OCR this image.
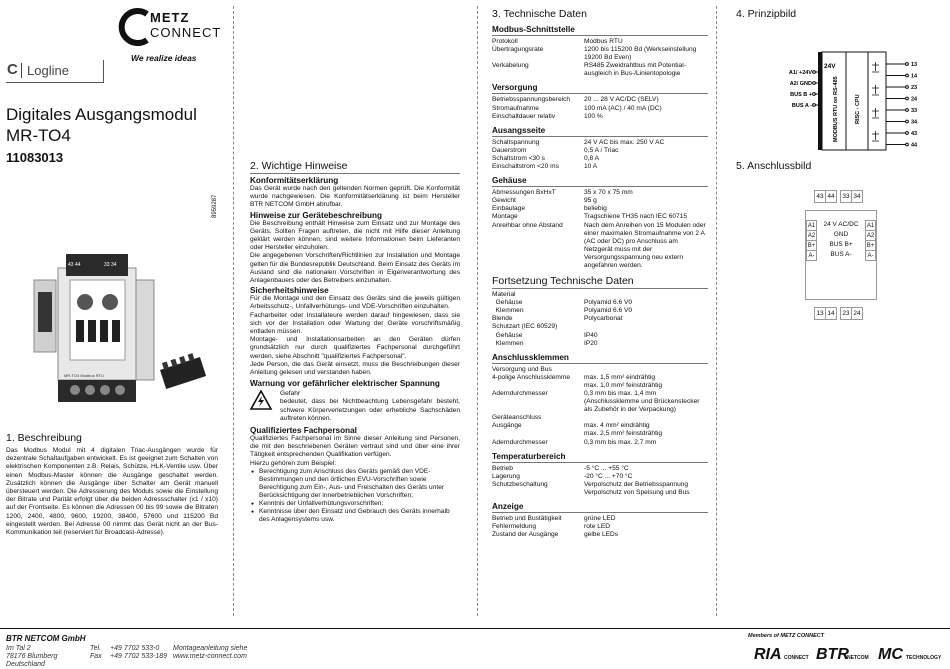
METZ
CONNECT
We realize ideas
C Logline
Digitales Ausgangsmodul
MR-TO4
11083013
8959287
43 44	33 34
MR-TO4 Modbus RTU
1. Beschreibung
Das Modbus Modul mit 4 digitalen Triac-Ausgängen wurde für dezentrale Schaltaufgaben entwickelt. Es ist geeignet zum Schalten von elektrischen Komponenten z.B. Relais, Schütze, HLK-Ventile usw. Über einen Modbus-Master können die Ausgänge geschaltet werden. Zusätzlich können die Ausgänge über Schalter am Gerät manuell übersteuert werden. Die Adressierung des Moduls sowie die Einstellung der Bitrate und Parität erfolgt über die beiden Adressschalter (x1 / x10) auf der Frontseite. Es können die Adressen 00 bis 99 sowie die Bitraten 1200, 2400, 4800, 9600, 19200, 38400, 57600 und 115200 Bd eingestellt werden. Bei Adresse 00 nimmt das Gerät nicht an der Bus-Kommunikation teil (reserviert für Broadcast-Adresse).
2. Wichtige Hinweise
Konformitätserklärung
Das Gerät wurde nach den geltenden Normen geprüft. Die Konformität wurde nachgewiesen. Die Konformitätserklärung ist beim Hersteller BTR NETCOM GmbH abrufbar.
Hinweise zur Gerätebeschreibung
Die Beschreibung enthält Hinweise zum Einsatz und zur Montage des Geräts. Sollten Fragen auftreten, die nicht mit Hilfe dieser Anleitung geklärt werden können, sind weitere Informationen beim Lieferanten oder Hersteller einzuholen.
Die angegebenen Vorschriften/Richtlinien zur Installation und Montage gelten für die Bundesrepublik Deutschland. Beim Einsatz des Geräts im Ausland sind die nationalen Vorschriften in Eigenverantwortung des Anlagenbauers oder des Betreibers einzuhalten.
Sicherheitshinweise
Für die Montage und den Einsatz des Geräts sind die jeweils gültigen Arbeitsschutz-, Unfallverhütungs- und VDE-Vorschriften einzuhalten.
Facharbeiter oder Installateure werden darauf hingewiesen, dass sie sich vor der Installation oder Wartung der Geräte vorschriftsmäßig entladen müssen.
Montage- und Installationsarbeiten an den Geräten dürfen grundsätzlich nur durch qualifiziertes Fachpersonal durchgeführt werden, siehe Abschnitt "qualifiziertes Fachpersonal".
Jede Person, die das Gerät einsetzt, muss die Beschreibungen dieser Anleitung gelesen und verstanden haben.
Warnung vor gefährlicher elektrischer Spannung
Gefahr
bedeutet, dass bei Nichtbeachtung Lebensgefahr besteht, schwere Körperverletzungen oder erhebliche Sachschäden auftreten können.
Qualifiziertes Fachpersonal
Qualifiziertes Fachpersonal im Sinne dieser Anleitung sind Personen, die mit den beschriebenen Geräten vertraut sind und über eine ihrer Tätigkeit entsprechenden Qualifikation verfügen.
Hierzu gehören zum Beispiel:
● Berechtigung zum Anschluss des Geräts gemäß den VDE-Bestimmungen und den örtlichen EVU-Vorschriften sowie Berechtigung zum Ein-, Aus- und Freischalten des Geräts unter Berücksichtigung der innerbetrieblichen Vorschriften;
● Kenntnis der Unfallverhütungsvorschriften;
● Kenntnisse über den Einsatz und Gebrauch des Geräts innerhalb des Anlagensystems usw.
3. Technische Daten
Modbus-Schnittstelle
Protokoll	Modbus RTU
Übertragungsrate	1200 bis 115200 Bd (Werkseinstellung 19200 Bd Even)
Verkabelung	RS485 Zweidrahtbus mit Potential-ausgleich in Bus-/Linientopologie
Versorgung
Betriebsspannungsbereich	20 ... 28 V AC/DC (SELV)
Stromaufnahme	100 mA (AC) / 40 mA (DC)
Einschaltdauer relativ	100 %
Ausangsseite
Schaltspannung	24 V AC bis max. 250 V AC
Dauerstrom	0,5 A / Triac
Schaltstrom <30 s	0,8 A
Einschaltstrom <20 ms	10 A
Gehäuse
Abmessungen BxHxT	35 x 70 x 75 mm
Gewicht	95 g
Einbaulage	beliebig
Montage	Tragschiene TH35 nach IEC 60715
Anreihbar ohne Abstand	Nach dem Anreihen von 15 Modulen oder einer maximalen Stromaufnahme von 2 A (AC oder DC) pro Anschluss am Netzgerät muss mit der Versorgungsspannung neu extern angefahren werden.
Fortsetzung Technische Daten
Material
Gehäuse	Polyamid 6.6 V0
Klemmen	Polyamid 6.6 V0
Blende	Polycarbonat
Schutzart (IEC 60529)
Gehäuse	IP40
Klemmen	IP20
Anschlussklemmen
Versorgung und Bus
4-polige Anschlussklemme	max. 1,5 mm² eindrähtig
max. 1,0 mm² feinstdrähtig
Aderndurchmesser	0,3 mm bis max. 1,4 mm (Anschlussklemme und Brückenstecker als Zubehör in der Verpackung)
Geräteanschluss
Ausgänge	max. 4 mm² eindrähtig
max. 2,5 mm² feinstdrähtig
Aderndurchmesser	0,3 mm bis max. 2,7 mm
Temperaturbereich
Betrieb	-5 °C ... +55 °C
Lagerung	-20 °C ... +70 °C
Schutzbeschaltung	Verpolschutz der Betriebsspannung Verpolschutz von Speisung und Bus
Anzeige
Betrieb und Bustätigkeit	grüne LED
Fehlermeldung	rote LED
Zustand der Ausgänge	gelbe LEDs
4. Prinzipbild
24V
MODBUS RTU on RS-485	RISC - CPU
A1/ +24V
A2/ GND
BUS B +
BUS A -
13
14
23
24
33
34
43
44
5. Anschlussbild
43 44	33 34
A1
A2
B+
A-
24 V AC/DC
GND
BUS B+
BUS A-
A1
A2
B+
A-
13 14	23 24
BTR NETCOM GmbH
Im Tal 2
78176 Blumberg
Deutschland
Tel.
Fax
+49 7702 533-0
+49 7702 533-189
Montageanleitung siehe
www.metz-connect.com
Members of METZ CONNECT
RIA CONNECT BTR
NETCOM MC TECHNOLOGY
